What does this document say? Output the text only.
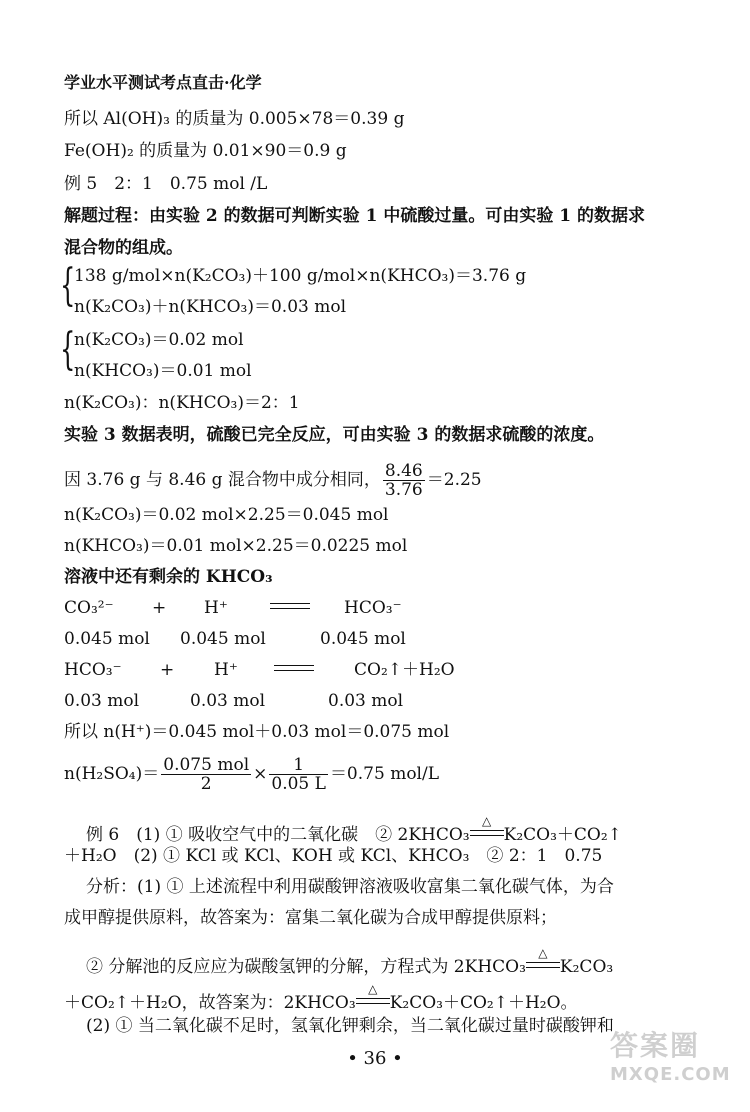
学业水平测试考点直击·化学
所以 Al(OH)₃ 的质量为 0.005×78＝0.39 g
Fe(OH)₂ 的质量为 0.01×90＝0.9 g
例 5　2：1　0.75 mol /L
解题过程：由实验 2 的数据可判断实验 1 中硫酸过量。可由实验 1 的数据求
混合物的组成。
{
138 g/mol×n(K₂CO₃)＋100 g/mol×n(KHCO₃)＝3.76 g
n(K₂CO₃)＋n(KHCO₃)＝0.03 mol
{
n(K₂CO₃)＝0.02 mol
n(KHCO₃)＝0.01 mol
n(K₂CO₃)：n(KHCO₃)＝2：1
实验 3 数据表明，硫酸已完全反应，可由实验 3 的数据求硫酸的浓度。
因 3.76 g 与 8.46 g 混合物中成分相同， $\frac{8.46}{3.76} =2.25$
n(K₂CO₃)＝0.02 mol×2.25＝0.045 mol
n(KHCO₃)＝0.01 mol×2.25＝0.0225 mol
溶液中还有剩余的 KHCO₃
CO₃²⁻ + H⁺	HCO₃⁻
0.045 mol 0.045 mol	0.045 mol
HCO₃⁻ + H⁺	CO₂↑＋H₂O
0.03 mol	0.03 mol	0.03 mol
所以 n(H⁺)＝0.045 mol＋0.03 mol＝0.075 mol
$n(H_2SO_4)= \frac{\text{0.075 mol}}{2} \times \frac{1}{0.05 L} =0.75$ mol/L
例 6　(1) ① 吸收空气中的二氧化碳　② 2KHCO₃
△
K₂CO₃＋CO₂↑
＋H₂O　(2) ① KCl 或 KCl、KOH 或 KCl、KHCO₃　② 2：1　0.75
分析：(1) ① 上述流程中利用碳酸钾溶液吸收富集二氧化碳气体，为合
成甲醇提供原料，故答案为：富集二氧化碳为合成甲醇提供原料；
② 分解池的反应应为碳酸氢钾的分解，方程式为 2KHCO₃
△
K₂CO₃
＋CO₂↑＋H₂O，故答案为：2KHCO₃
△
K₂CO₃＋CO₂↑＋H₂O。
(2) ① 当二氧化碳不足时，氢氧化钾剩余，当二氧化碳过量时碳酸钾和
• 36 •	答案圈
MXQE.COM
